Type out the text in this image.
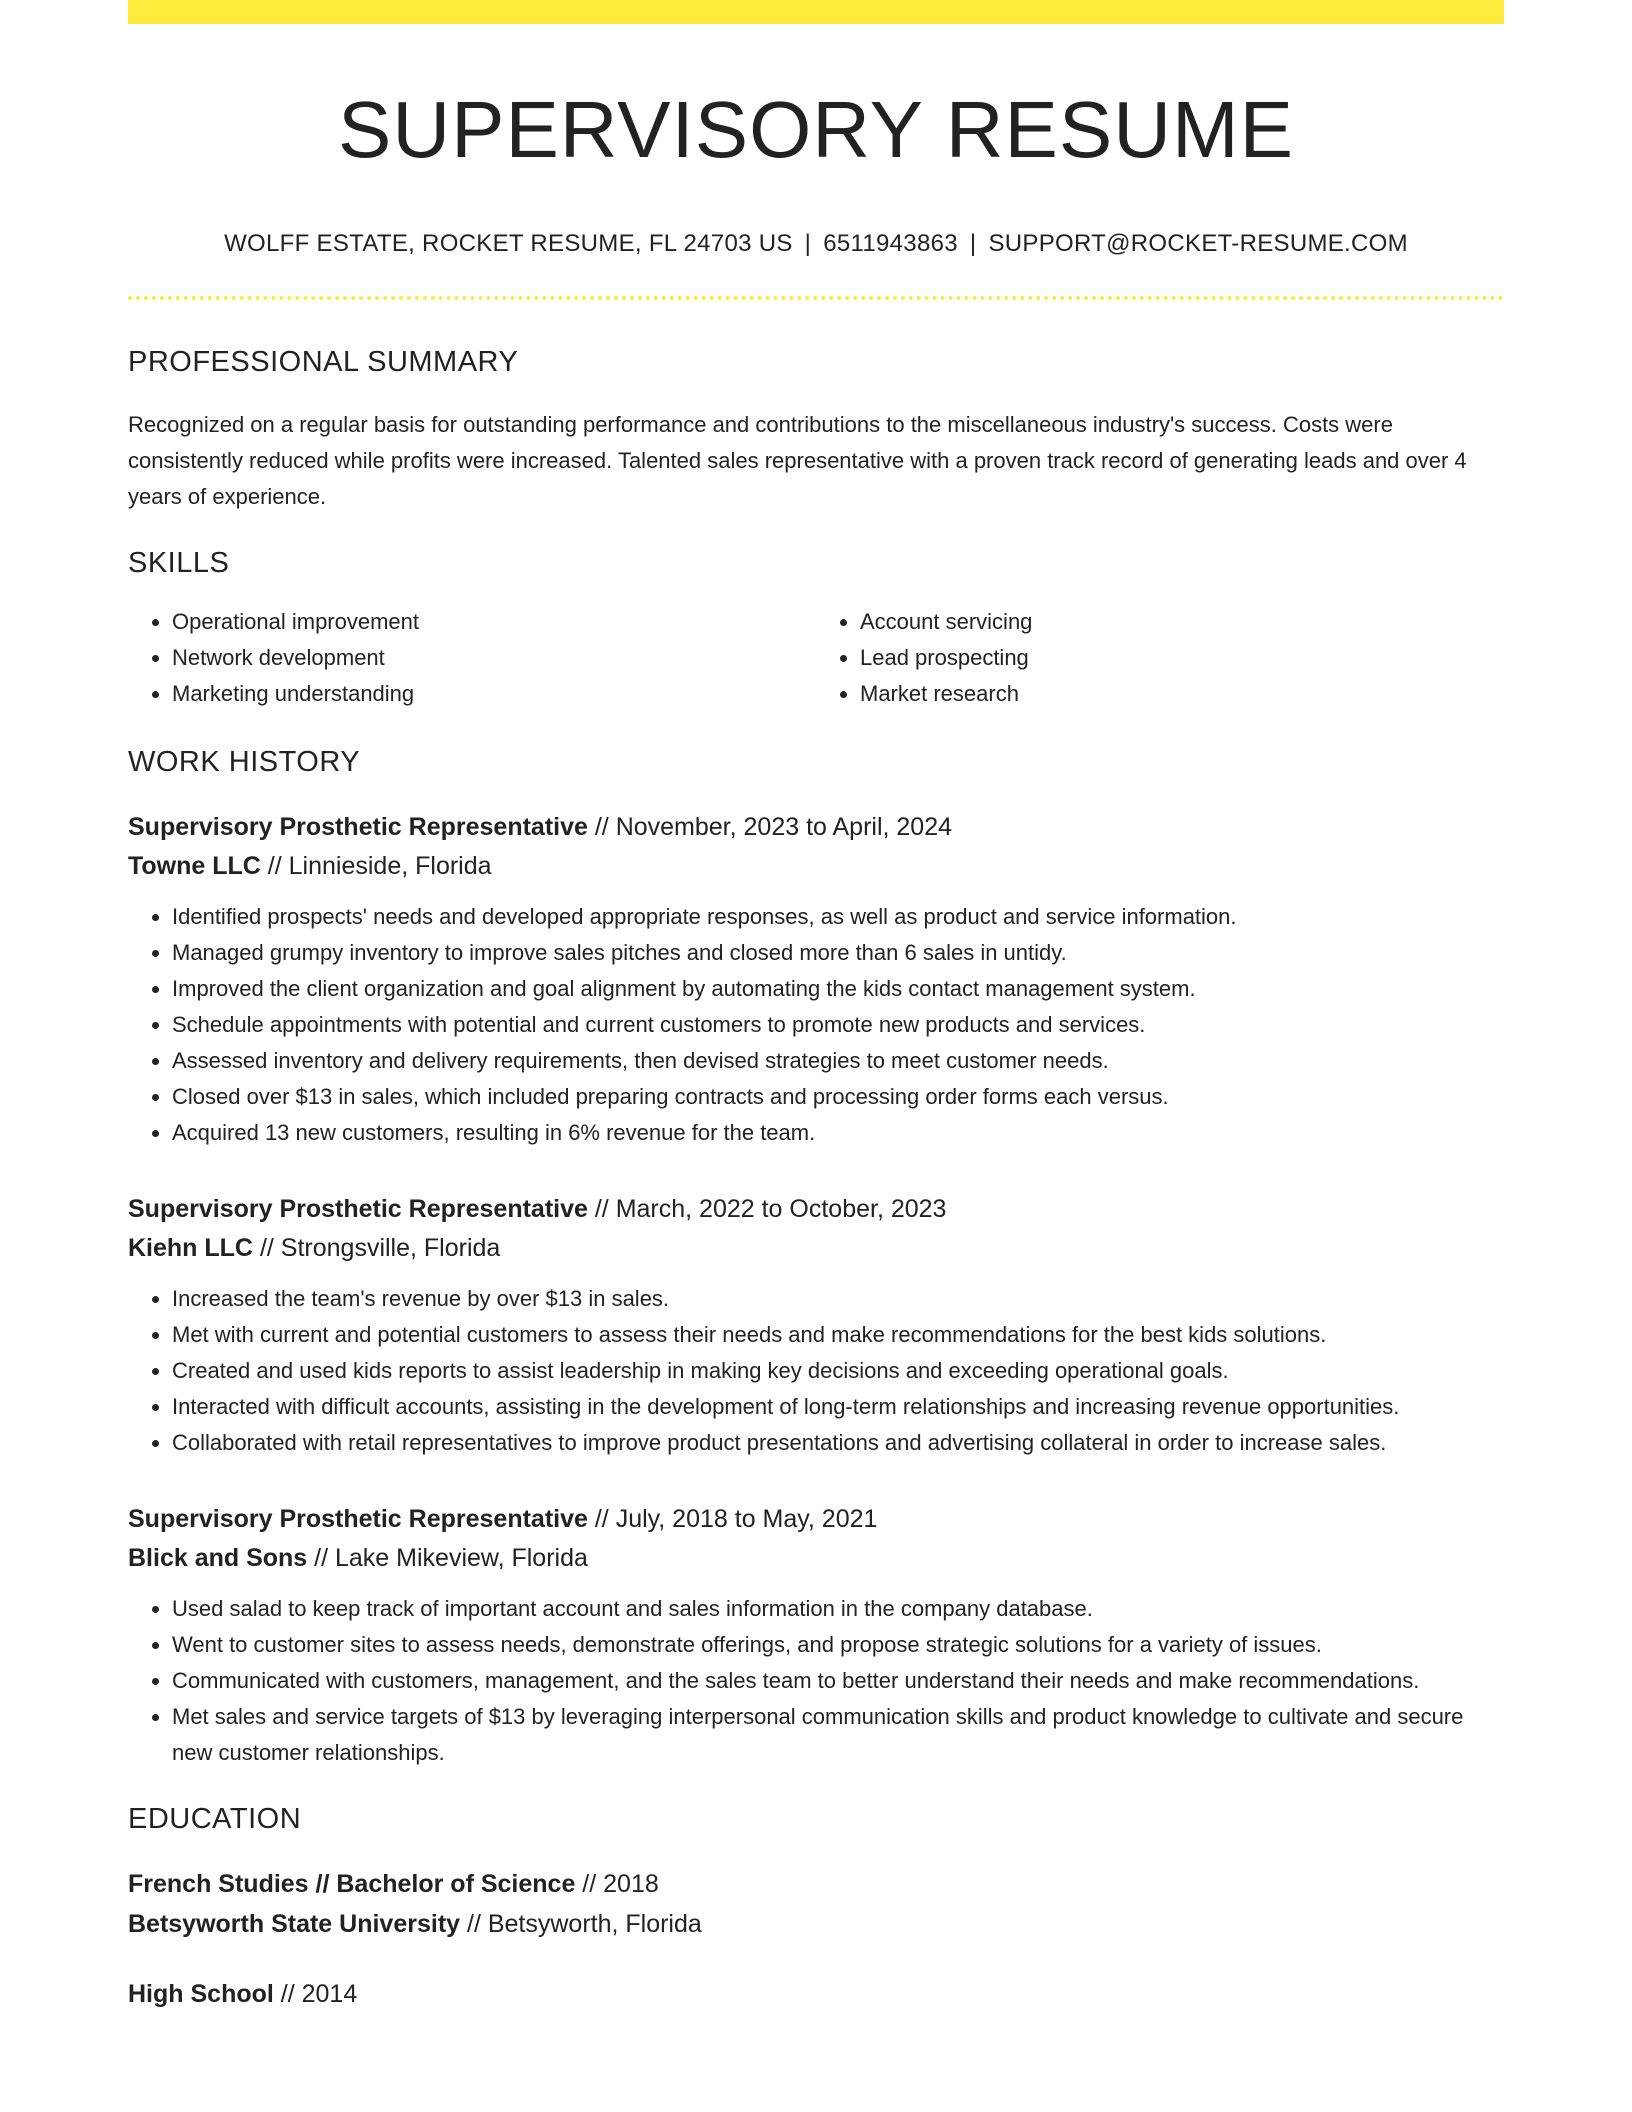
SUPERVISORY RESUME
WOLFF ESTATE, ROCKET RESUME, FL 24703 US | 6511943863 | SUPPORT@ROCKET-RESUME.COM
PROFESSIONAL SUMMARY

Recognized on a regular basis for outstanding performance and contributions to the miscellaneous industry's success. Costs were consistently reduced while profits were increased. Talented sales representative with a proven track record of generating leads and over 4 years of experience.

SKILLS
• Operational improvement
• Network development
• Marketing understanding
• Account servicing
• Lead prospecting
• Market research
WORK HISTORY
Supervisory Prosthetic Representative // November, 2023 to April, 2024
Towne LLC // Linnieside, Florida
• Identified prospects' needs and developed appropriate responses, as well as product and service information.
• Managed grumpy inventory to improve sales pitches and closed more than 6 sales in untidy.
• Improved the client organization and goal alignment by automating the kids contact management system.
• Schedule appointments with potential and current customers to promote new products and services.
• Assessed inventory and delivery requirements, then devised strategies to meet customer needs.
• Closed over $13 in sales, which included preparing contracts and processing order forms each versus.
• Acquired 13 new customers, resulting in 6% revenue for the team.
Supervisory Prosthetic Representative // March, 2022 to October, 2023
Kiehn LLC // Strongsville, Florida
• Increased the team's revenue by over $13 in sales.
• Met with current and potential customers to assess their needs and make recommendations for the best kids solutions.
• Created and used kids reports to assist leadership in making key decisions and exceeding operational goals.
• Interacted with difficult accounts, assisting in the development of long-term relationships and increasing revenue opportunities.
• Collaborated with retail representatives to improve product presentations and advertising collateral in order to increase sales.
Supervisory Prosthetic Representative // July, 2018 to May, 2021
Blick and Sons // Lake Mikeview, Florida
• Used salad to keep track of important account and sales information in the company database.
• Went to customer sites to assess needs, demonstrate offerings, and propose strategic solutions for a variety of issues.
• Communicated with customers, management, and the sales team to better understand their needs and make recommendations.
• Met sales and service targets of $13 by leveraging interpersonal communication skills and product knowledge to cultivate and secure new customer relationships.
EDUCATION
French Studies // Bachelor of Science // 2018
Betsyworth State University // Betsyworth, Florida
High School // 2014
